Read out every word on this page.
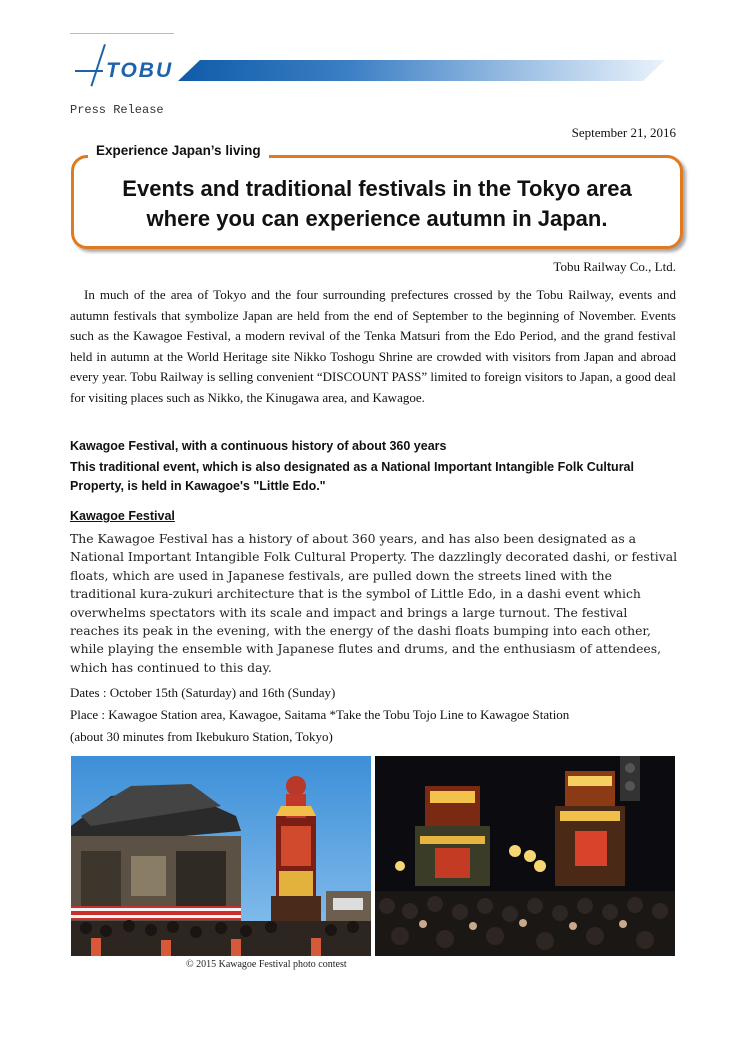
TOBU
Press Release
September 21, 2016
Experience Japan’s living
Events and traditional festivals in the Tokyo area
where you can experience autumn in Japan.
Tobu Railway Co., Ltd.

In much of the area of Tokyo and the four surrounding prefectures crossed by the Tobu Railway, events and autumn festivals that symbolize Japan are held from the end of September to the beginning of November. Events such as the Kawagoe Festival, a modern revival of the Tenka Matsuri from the Edo Period, and the grand festival held in autumn at the World Heritage site Nikko Toshogu Shrine are crowded with visitors from Japan and abroad every year. Tobu Railway is selling convenient “DISCOUNT PASS” limited to foreign visitors to Japan, a good deal for visiting places such as Nikko, the Kinugawa area, and Kawagoe.

Kawagoe Festival, with a continuous history of about 360 years

This traditional event, which is also designated as a National Important Intangible Folk Cultural Property, is held in Kawagoe's "Little Edo."

Kawagoe Festival

The Kawagoe Festival has a history of about 360 years, and has also been designated as a National Important Intangible Folk Cultural Property. The dazzlingly decorated dashi, or festival floats, which are used in Japanese festivals, are pulled down the streets lined with the traditional kura-zukuri architecture that is the symbol of Little Edo, in a dashi event which overwhelms spectators with its scale and impact and brings a large turnout. The festival reaches its peak in the evening, with the energy of the dashi floats bumping into each other, while playing the ensemble with Japanese flutes and drums, and the enthusiasm of attendees, which has continued to this day.

Dates : October 15th (Saturday) and 16th (Sunday)

Place : Kawagoe Station area, Kawagoe, Saitama *Take the Tobu Tojo Line to Kawagoe Station

(about 30 minutes from Ikebukuro Station, Tokyo)

© 2015 Kawagoe Festival photo contest
